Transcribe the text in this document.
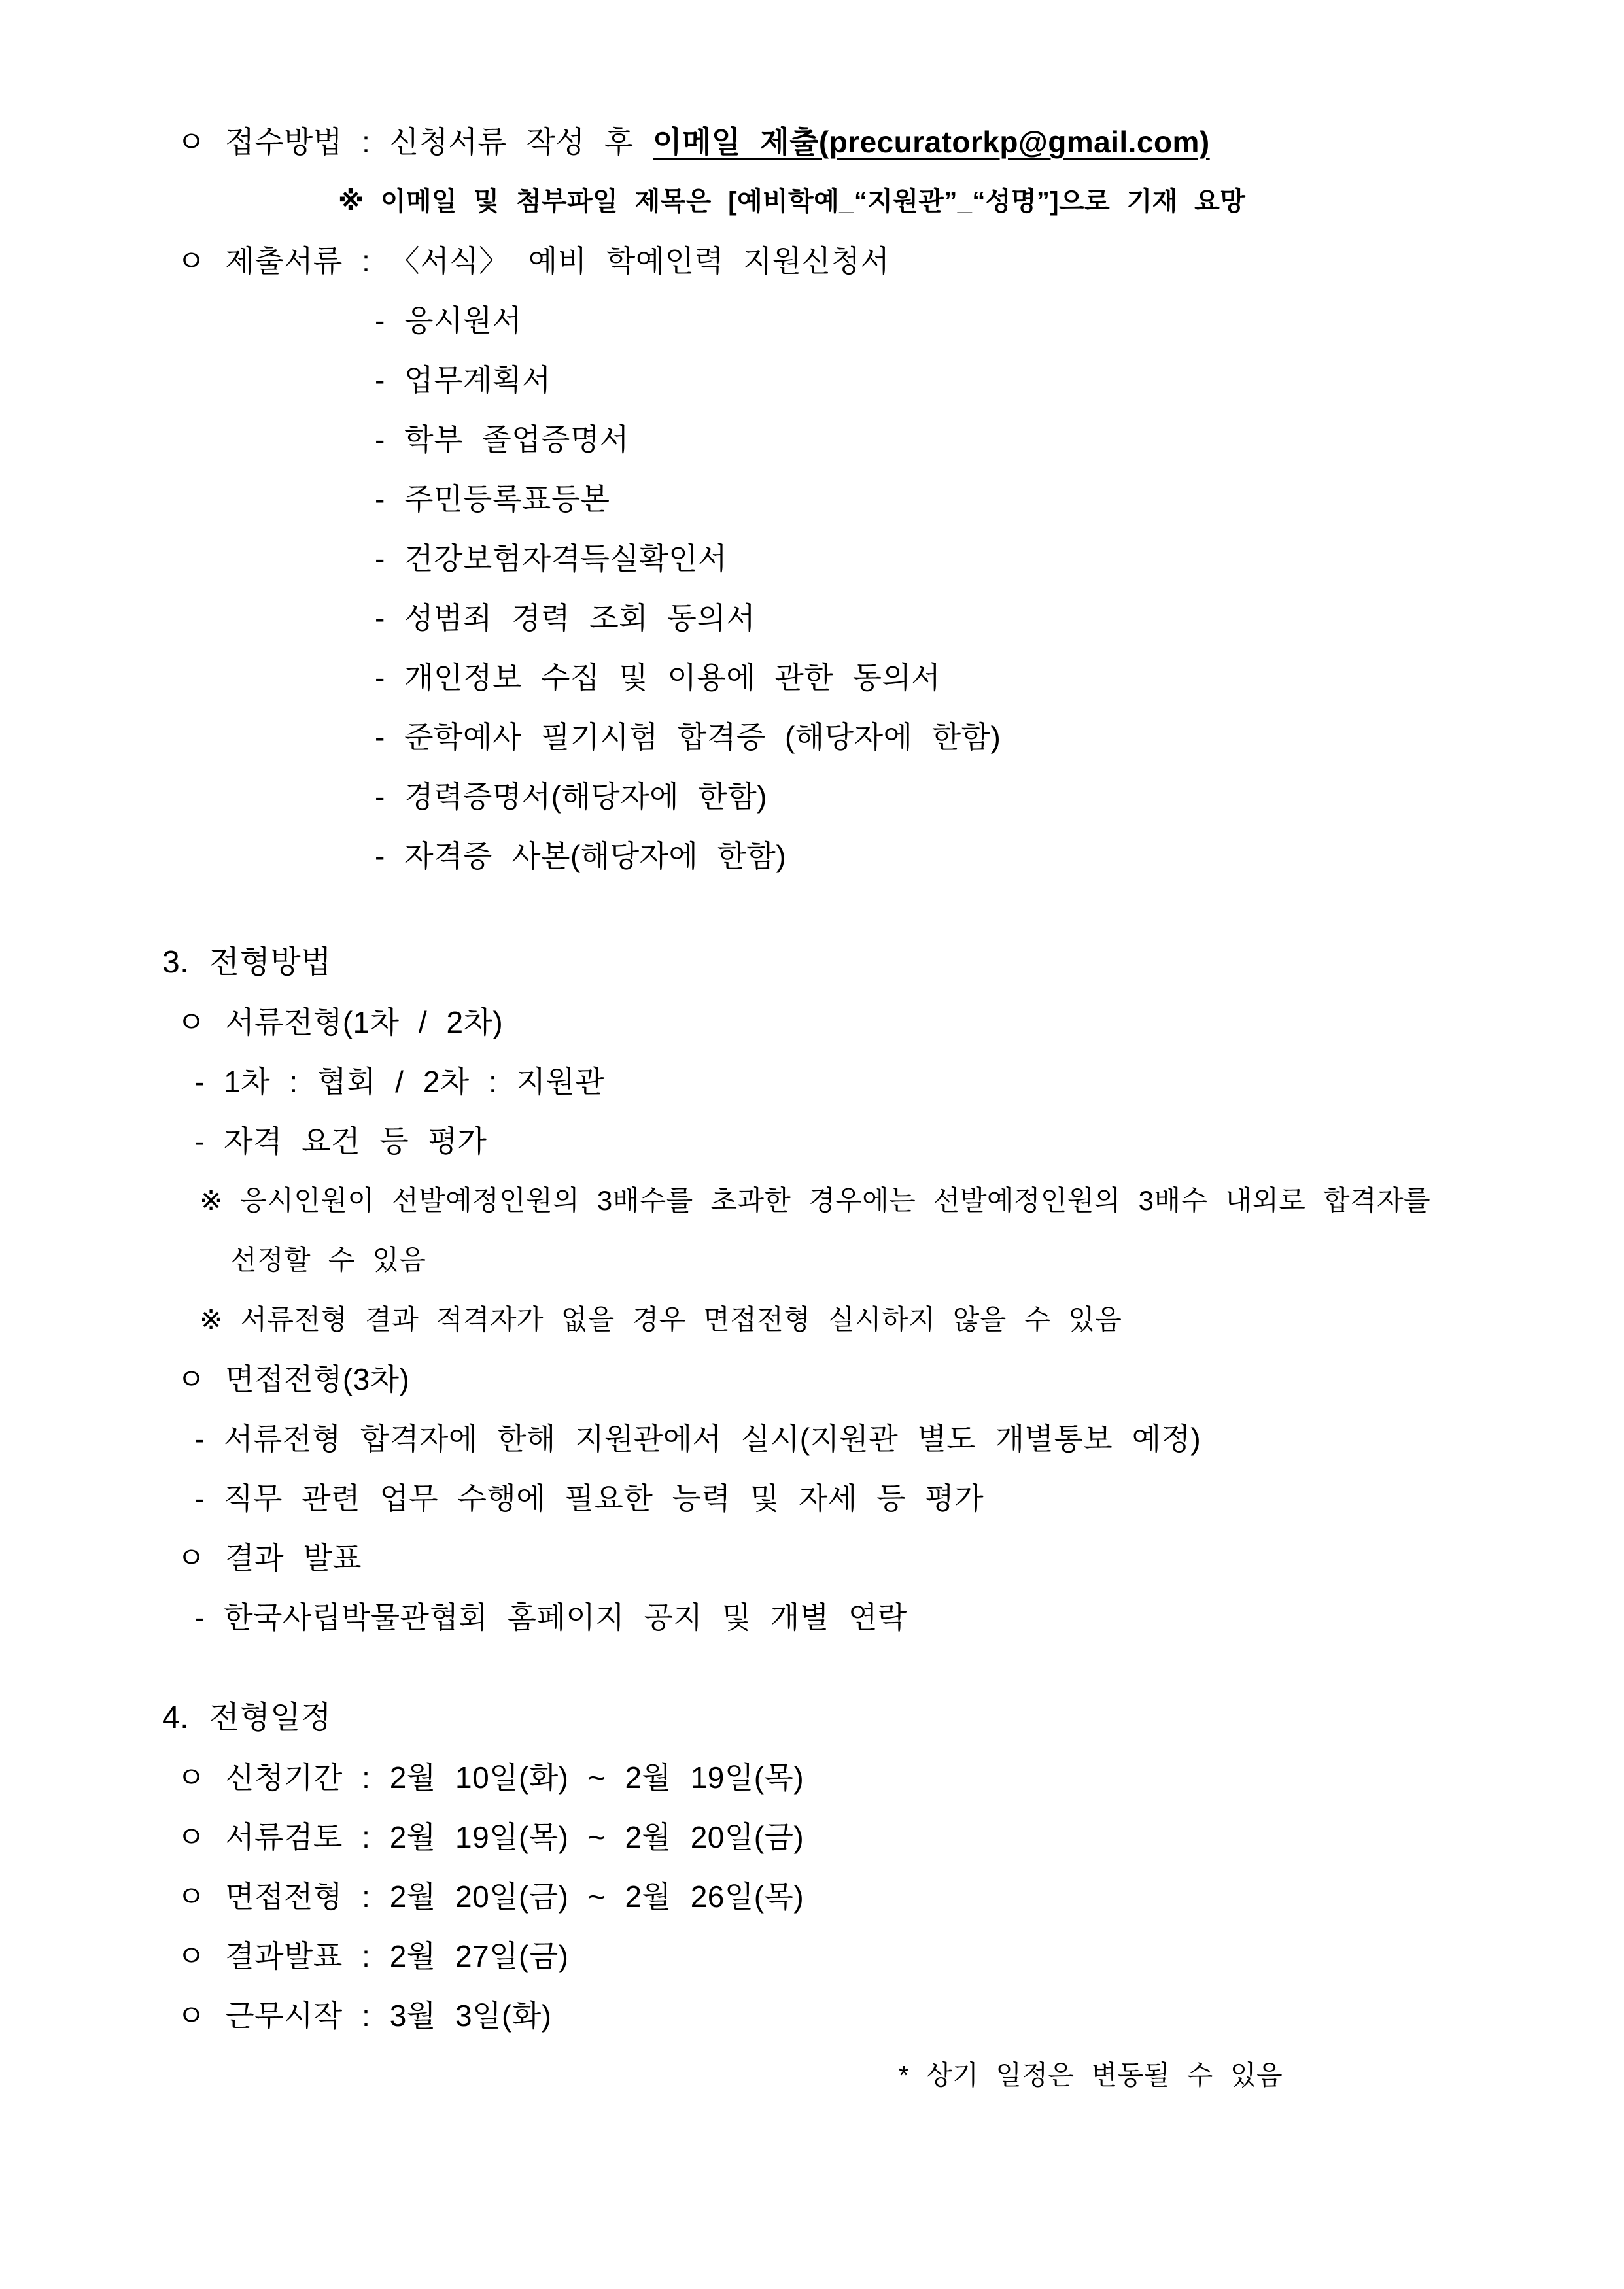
ㅇ 접수방법 : 신청서류 작성 후 이메일 제출(precuratorkp@gmail.com)
※ 이메일 및 첨부파일 제목은 [예비학예_“지원관”_“성명”]으로 기재 요망
ㅇ 제출서류 : 〈서식〉 예비 학예인력 지원신청서
- 응시원서
- 업무계획서
- 학부 졸업증명서
- 주민등록표등본
- 건강보험자격득실확인서
- 성범죄 경력 조회 동의서
- 개인정보 수집 및 이용에 관한 동의서
- 준학예사 필기시험 합격증 (해당자에 한함)
- 경력증명서(해당자에 한함)
- 자격증 사본(해당자에 한함)
3. 전형방법
ㅇ 서류전형(1차 / 2차)
- 1차 : 협회 / 2차 : 지원관
- 자격 요건 등 평가
※ 응시인원이 선발예정인원의 3배수를 초과한 경우에는 선발예정인원의 3배수 내외로 합격자를
선정할 수 있음
※ 서류전형 결과 적격자가 없을 경우 면접전형 실시하지 않을 수 있음
ㅇ 면접전형(3차)
- 서류전형 합격자에 한해 지원관에서 실시(지원관 별도 개별통보 예정)
- 직무 관련 업무 수행에 필요한 능력 및 자세 등 평가
ㅇ 결과 발표
- 한국사립박물관협회 홈페이지 공지 및 개별 연락
4. 전형일정
ㅇ 신청기간 : 2월 10일(화) ~ 2월 19일(목)
ㅇ 서류검토 : 2월 19일(목) ~ 2월 20일(금)
ㅇ 면접전형 : 2월 20일(금) ~ 2월 26일(목)
ㅇ 결과발표 : 2월 27일(금)
ㅇ 근무시작 : 3월 3일(화)
* 상기 일정은 변동될 수 있음
